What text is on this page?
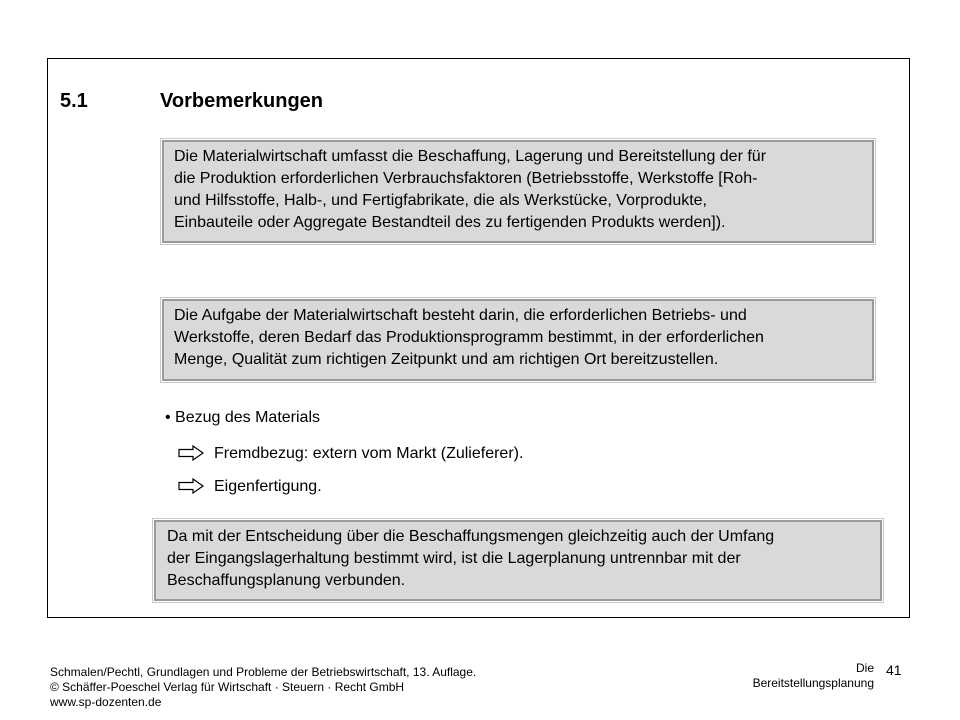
5.1	Vorbemerkungen

Die Materialwirtschaft umfasst die Beschaffung, Lagerung und Bereitstellung der für

die Produktion erforderlichen Verbrauchsfaktoren (Betriebsstoffe, Werkstoffe [Roh-

und Hilfsstoffe, Halb-, und Fertigfabrikate, die als Werkstücke, Vorprodukte,

Einbauteile oder Aggregate Bestandteil des zu fertigenden Produkts werden]).

Die Aufgabe der Materialwirtschaft besteht darin, die erforderlichen Betriebs- und

Werkstoffe, deren Bedarf das Produktionsprogramm bestimmt, in der erforderlichen

Menge, Qualität zum richtigen Zeitpunkt und am richtigen Ort bereitzustellen.

• Bezug des Materials
Fremdbezug: extern vom Markt (Zulieferer).
Eigenfertigung.

Da mit der Entscheidung über die Beschaffungsmengen gleichzeitig auch der Umfang

der Eingangslagerhaltung bestimmt wird, ist die Lagerplanung untrennbar mit der

Beschaffungsplanung verbunden.

Schmalen/Pechtl, Grundlagen und Probleme der Betriebswirtschaft, 13. Auflage.
© Schäffer-Poeschel Verlag für Wirtschaft · Steuern · Recht GmbH
www.sp-dozenten.de
Die
Bereitstellungsplanung
41
